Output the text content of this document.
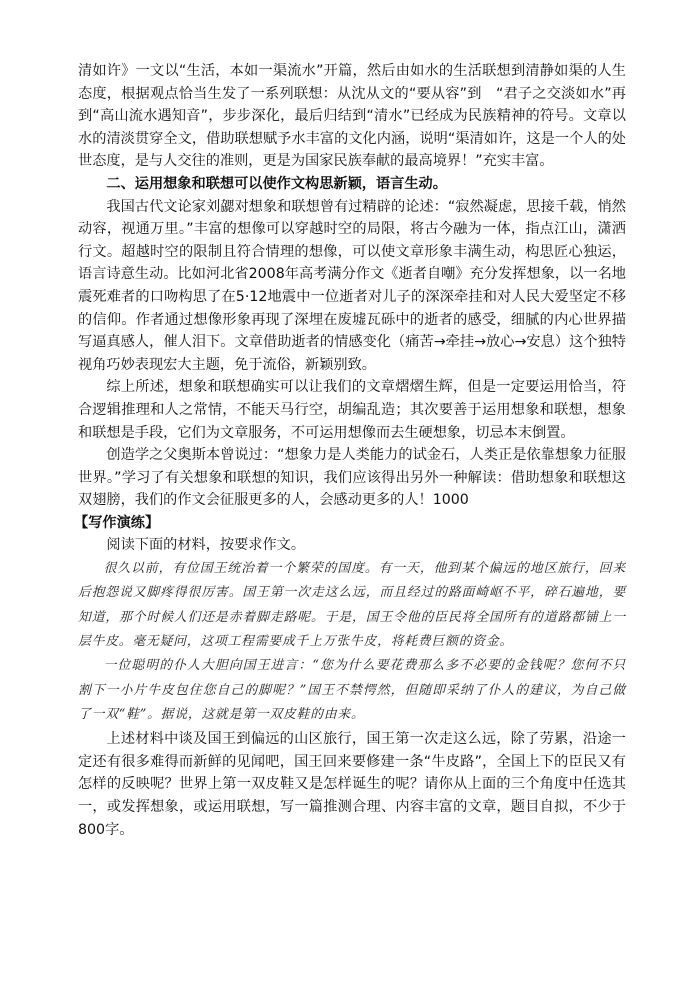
清如许》一文以“生活，本如一渠流水”开篇，然后由如水的生活联想到清静如渠的人生态度，根据观点恰当生发了一系列联想：从沈从文的“要从容”到　“君子之交淡如水”再到“高山流水遇知音”，步步深化，最后归结到“清水”已经成为民族精神的符号。文章以水的清淡贯穿全文，借助联想赋予水丰富的文化内涵，说明“渠清如许，这是一个人的处世态度，是与人交往的准则，更是为国家民族奉献的最高境界！”充实丰富。

二、运用想象和联想可以使作文构思新颖，语言生动。

我国古代文论家刘勰对想象和联想曾有过精辟的论述：“寂然凝虑，思接千载，悄然动容，视通万里。”丰富的想像可以穿越时空的局限，将古今融为一体，指点江山，潇洒行文。超越时空的限制且符合情理的想像，可以使文章形象丰满生动，构思匠心独运，语言诗意生动。比如河北省2008年高考满分作文《逝者自嘲》充分发挥想象，以一名地震死难者的口吻构思了在5·12地震中一位逝者对儿子的深深牵挂和对人民大爱坚定不移的信仰。作者通过想像形象再现了深埋在废墟瓦砾中的逝者的感受，细腻的内心世界描写逼真感人，催人泪下。文章借助逝者的情感变化（痛苦→牵挂→放心→安息）这个独特视角巧妙表现宏大主题，免于流俗，新颖别致。

综上所述，想象和联想确实可以让我们的文章熠熠生辉，但是一定要运用恰当，符合逻辑推理和人之常情，不能天马行空，胡编乱造；其次要善于运用想象和联想，想象和联想是手段，它们为文章服务，不可运用想像而去生硬想象，切忌本末倒置。

创造学之父奥斯本曾说过：“想象力是人类能力的试金石，人类正是依靠想象力征服世界。”学习了有关想象和联想的知识，我们应该得出另外一种解读：借助想象和联想这双翅膀，我们的作文会征服更多的人，会感动更多的人！1000

【写作演练】

阅读下面的材料，按要求作文。

很久以前，有位国王统治着一个繁荣的国度。有一天，他到某个偏远的地区旅行，回来后抱怨说又脚疼得很厉害。国王第一次走这么远，而且经过的路面崎岖不平，碎石遍地，要知道，那个时候人们还是赤着脚走路呢。于是，国王令他的臣民将全国所有的道路都铺上一层牛皮。毫无疑问，这项工程需要成千上万张牛皮，将耗费巨额的资金。

一位聪明的仆人大胆向国王进言：“您为什么要花费那么多不必要的金钱呢？您何不只割下一小片牛皮包住您自己的脚呢？”国王不禁愕然，但随即采纳了仆人的建议，为自己做了一双“鞋”。据说，这就是第一双皮鞋的由来。

上述材料中谈及国王到偏远的山区旅行，国王第一次走这么远，除了劳累，沿途一定还有很多难得而新鲜的见闻吧，国王回来要修建一条“牛皮路”，全国上下的臣民又有怎样的反映呢？世界上第一双皮鞋又是怎样诞生的呢？请你从上面的三个角度中任选其一，或发挥想象，或运用联想，写一篇推测合理、内容丰富的文章，题目自拟，不少于800字。
